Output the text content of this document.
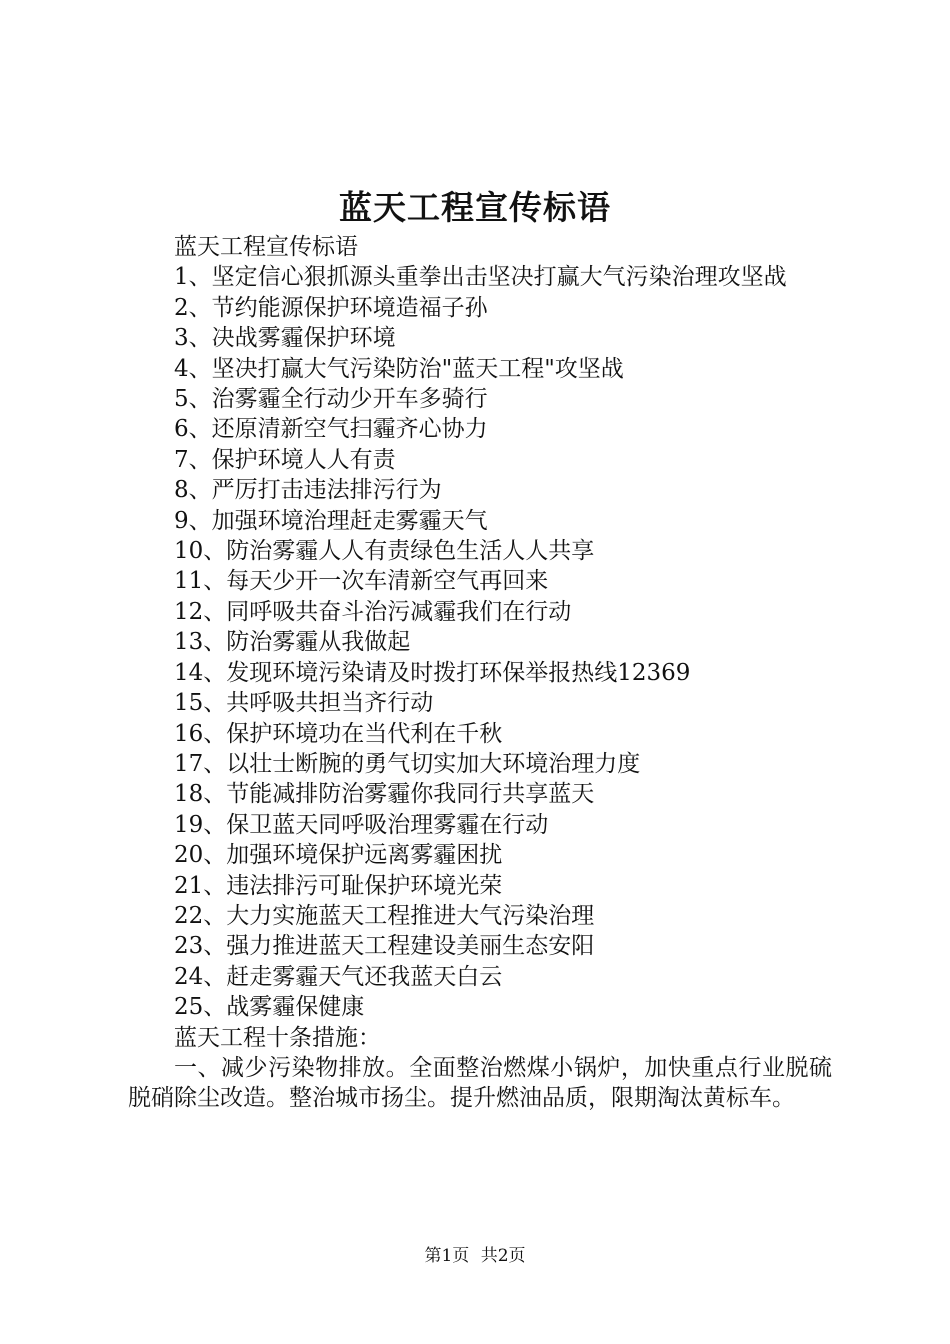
蓝天工程宣传标语

蓝天工程宣传标语

1、坚定信心狠抓源头重拳出击坚决打赢大气污染治理攻坚战

2、节约能源保护环境造福子孙

3、决战雾霾保护环境

4、坚决打赢大气污染防治"蓝天工程"攻坚战

5、治雾霾全行动少开车多骑行

6、还原清新空气扫霾齐心协力

7、保护环境人人有责

8、严厉打击违法排污行为

9、加强环境治理赶走雾霾天气

10、防治雾霾人人有责绿色生活人人共享

11、每天少开一次车清新空气再回来

12、同呼吸共奋斗治污减霾我们在行动

13、防治雾霾从我做起

14、发现环境污染请及时拨打环保举报热线12369

15、共呼吸共担当齐行动

16、保护环境功在当代利在千秋

17、以壮士断腕的勇气切实加大环境治理力度

18、节能减排防治雾霾你我同行共享蓝天

19、保卫蓝天同呼吸治理雾霾在行动

20、加强环境保护远离雾霾困扰

21、违法排污可耻保护环境光荣

22、大力实施蓝天工程推进大气污染治理

23、强力推进蓝天工程建设美丽生态安阳

24、赶走雾霾天气还我蓝天白云

25、战雾霾保健康

蓝天工程十条措施：

一、减少污染物排放。全面整治燃煤小锅炉，加快重点行业脱硫脱硝除尘改造。整治城市扬尘。提升燃油品质，限期淘汰黄标车。

第1页 共2页
